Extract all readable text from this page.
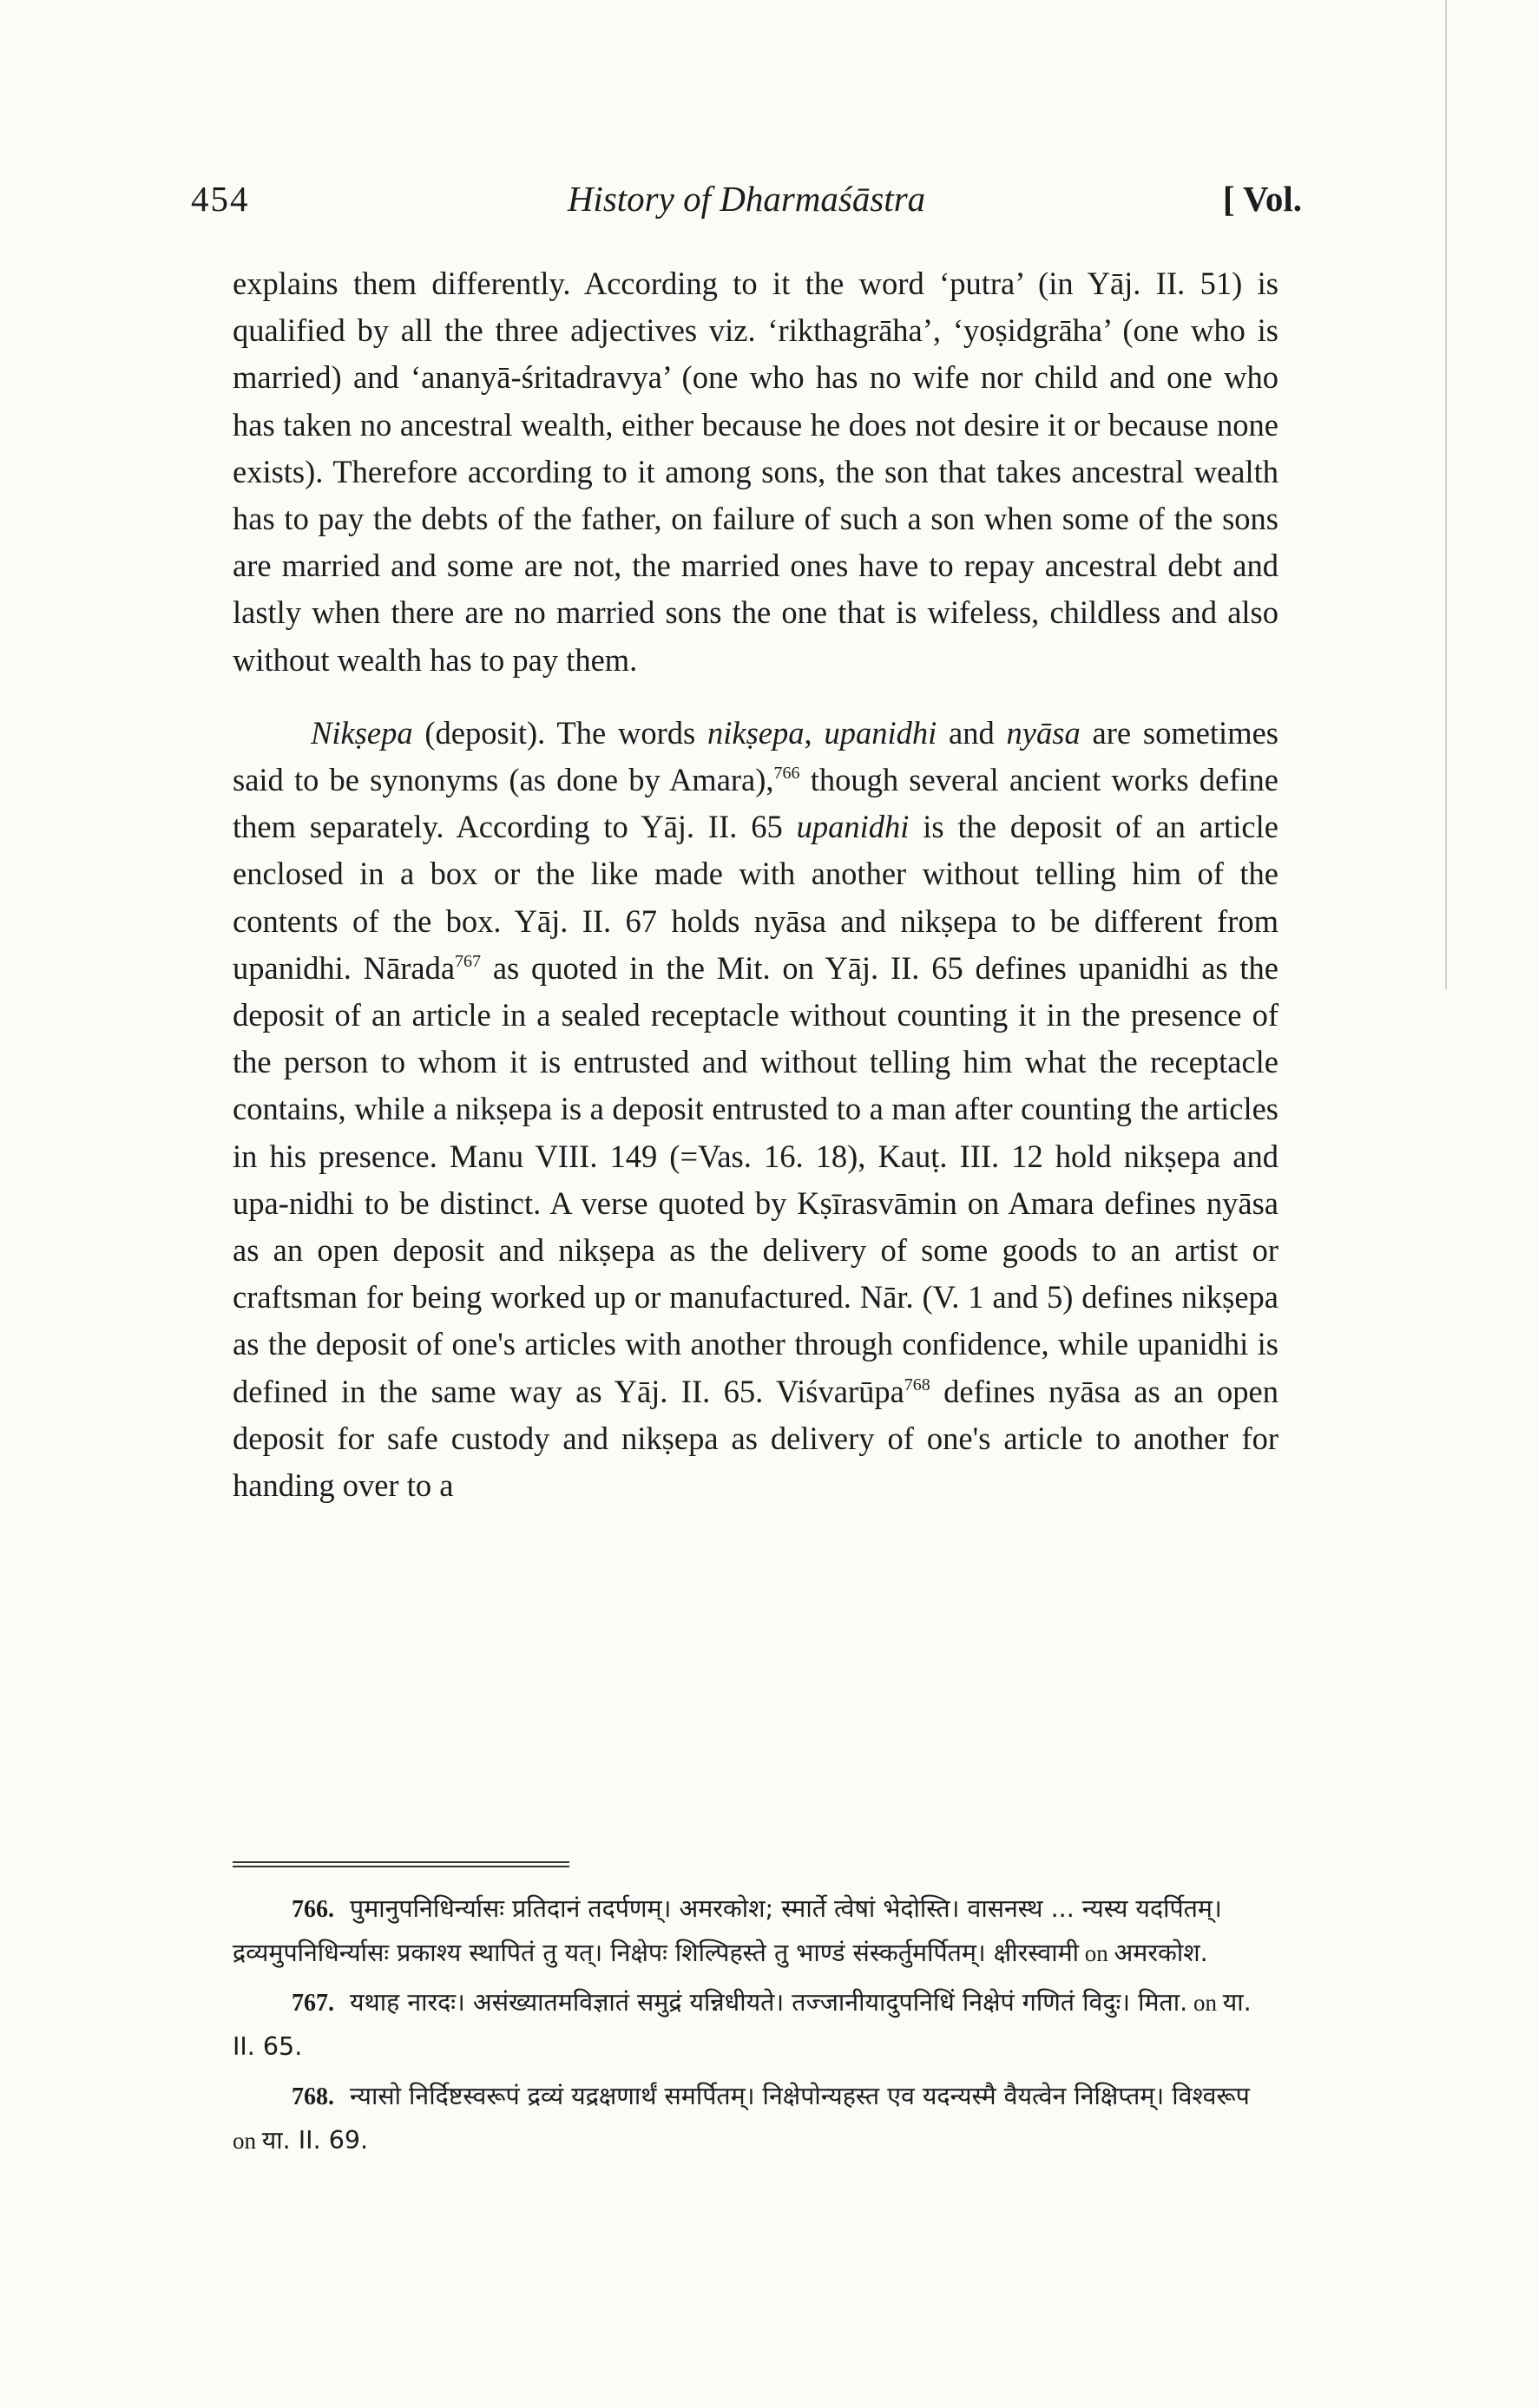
454	History of Dharmaśāstra	[ Vol.

explains them differently. According to it the word ‘putra’ (in Yāj. II. 51) is qualified by all the three adjectives viz. ‘rikthagrāha’, ‘yoṣidgrāha’ (one who is married) and ‘ananyā-śritadravya’ (one who has no wife nor child and one who has taken no ancestral wealth, either because he does not desire it or because none exists). Therefore according to it among sons, the son that takes ancestral wealth has to pay the debts of the father, on failure of such a son when some of the sons are married and some are not, the married ones have to repay ancestral debt and lastly when there are no married sons the one that is wifeless, childless and also without wealth has to pay them.

Nikṣepa (deposit). The words nikṣepa, upanidhi and nyāsa are sometimes said to be synonyms (as done by Amara),$^{766}$ though several ancient works define them separately. According to Yāj. II. 65 upanidhi is the deposit of an article enclosed in a box or the like made with another without telling him of the contents of the box. Yāj. II. 67 holds nyāsa and nikṣepa to be different from upanidhi. Nārada$^{767}$ as quoted in the Mit. on Yāj. II. 65 defines upanidhi as the deposit of an article in a sealed receptacle without counting it in the presence of the person to whom it is entrusted and without telling him what the receptacle contains, while a nikṣepa is a deposit entrusted to a man after counting the articles in his presence. Manu VIII. 149 (=Vas. 16. 18), Kauṭ. III. 12 hold nikṣepa and upa-nidhi to be distinct. A verse quoted by Kṣīrasvāmin on Amara defines nyāsa as an open deposit and nikṣepa as the delivery of some goods to an artist or craftsman for being worked up or manufactured. Nār. (V. 1 and 5) defines nikṣepa as the deposit of one's articles with another through confidence, while upanidhi is defined in the same way as Yāj. II. 65. Viśvarūpa$^{768}$ defines nyāsa as an open deposit for safe custody and nikṣepa as delivery of one's article to another for handing over to a

766. पुमानुपनिधिर्न्यासः प्रतिदानं तदर्पणम्। अमरकोश; स्मार्ते त्वेषां भेदोस्ति। वासनस्थ ... न्यस्य यदर्पितम्। द्रव्यमुपनिधिर्न्यासः प्रकाश्य स्थापितं तु यत्। निक्षेपः शिल्पिहस्ते तु भाण्डं संस्कर्तुमर्पितम्। क्षीरस्वामी on अमरकोश.

767. यथाह नारदः। असंख्यातमविज्ञातं समुद्रं यन्निधीयते। तज्जानीयादुपनिधिं निक्षेपं गणितं विदुः। मिता. on या. II. 65.

768. न्यासो निर्दिष्टस्वरूपं द्रव्यं यद्रक्षणार्थं समर्पितम्। निक्षेपोन्यहस्त एव यदन्यस्मै वैयत्वेन निक्षिप्तम्। विश्वरूप on या. II. 69.
